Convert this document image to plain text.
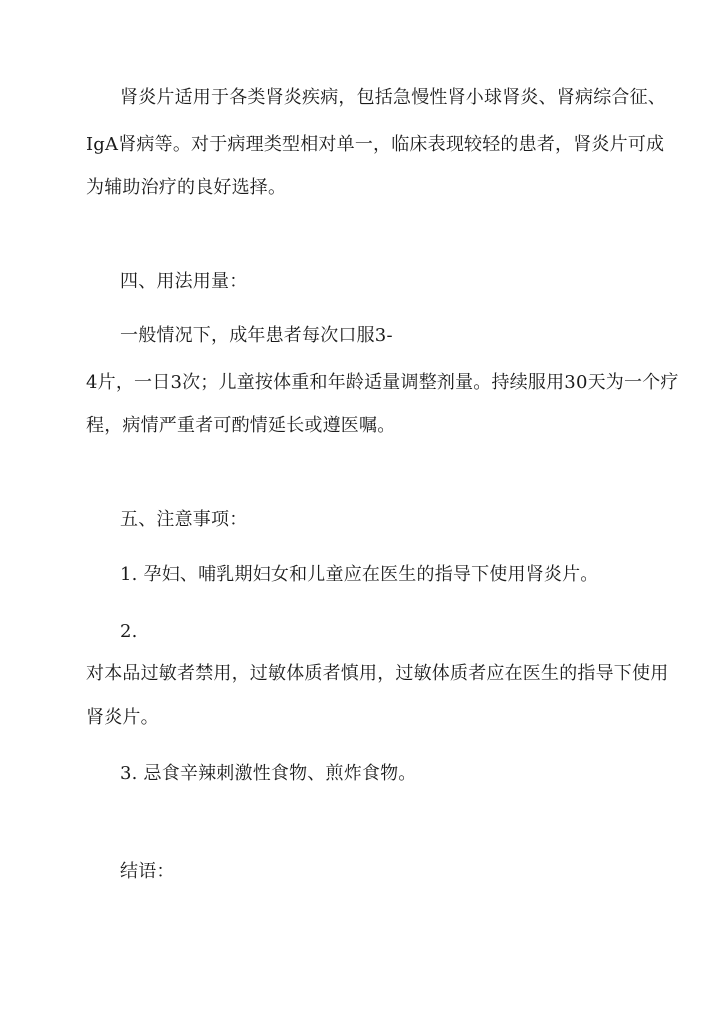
肾炎片适用于各类肾炎疾病，包括急慢性肾小球肾炎、肾病综合征、
IgA肾病等。对于病理类型相对单一，临床表现较轻的患者，肾炎片可成
为辅助治疗的良好选择。
四、用法用量：
一般情况下，成年患者每次口服3-
4片，一日3次；儿童按体重和年龄适量调整剂量。持续服用30天为一个疗
程，病情严重者可酌情延长或遵医嘱。
五、注意事项：
1. 孕妇、哺乳期妇女和儿童应在医生的指导下使用肾炎片。
2.
对本品过敏者禁用，过敏体质者慎用，过敏体质者应在医生的指导下使用
肾炎片。
3. 忌食辛辣刺激性食物、煎炸食物。
结语：
